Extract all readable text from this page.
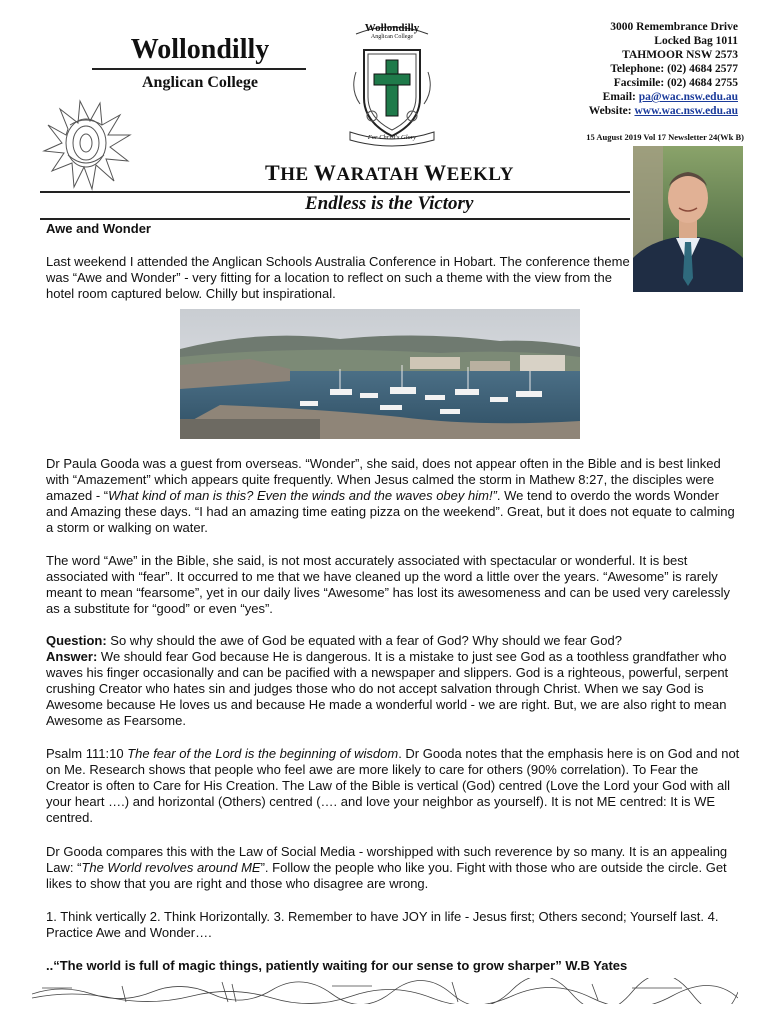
Wollondilly
Anglican College
Wollondilly
Anglican College
For Christ's Glory
3000 Remembrance Drive
Locked Bag 1011
TAHMOOR NSW 2573
Telephone: (02) 4684 2577
Facsimile: (02) 4684 2755
Email: pa@wac.nsw.edu.au
Website: www.wac.nsw.edu.au
15 August 2019 Vol 17 Newsletter 24(Wk B)
THE WARATAH WEEKLY
Endless is the Victory
Awe and Wonder
Last weekend I attended the Anglican Schools Australia Conference in Hobart. The conference theme was “Awe and Wonder” - very fitting for a location to reflect on such a theme with the view from the hotel room captured below. Chilly but inspirational.
Dr Paula Gooda was a guest from overseas. “Wonder”, she said, does not appear often in the Bible and is best linked with “Amazement” which appears quite frequently. When Jesus calmed the storm in Mathew 8:27, the disciples were amazed - “What kind of man is this? Even the winds and the waves obey him!”. We tend to overdo the words Wonder and Amazing these days. “I had an amazing time eating pizza on the weekend”. Great, but it does not equate to calming a storm or walking on water.
The word “Awe” in the Bible, she said, is not most accurately associated with spectacular or wonderful. It is best associated with “fear”. It occurred to me that we have cleaned up the word a little over the years. “Awesome” is rarely meant to mean “fearsome”, yet in our daily lives “Awesome” has lost its awesomeness and can be used very carelessly as a substitute for “good” or even “yes”.
Question: So why should the awe of God be equated with a fear of God? Why should we fear God?
Answer: We should fear God because He is dangerous. It is a mistake to just see God as a toothless grandfather who waves his finger occasionally and can be pacified with a newspaper and slippers. God is a righteous, powerful, serpent crushing Creator who hates sin and judges those who do not accept salvation through Christ. When we say God is Awesome because He loves us and because He made a wonderful world - we are right. But, we are also right to mean Awesome as Fearsome.
Psalm 111:10 The fear of the Lord is the beginning of wisdom. Dr Gooda notes that the emphasis here is on God and not on Me. Research shows that people who feel awe are more likely to care for others (90% correlation). To Fear the Creator is often to Care for His Creation. The Law of the Bible is vertical (God) centred (Love the Lord your God with all your heart ….) and horizontal (Others) centred (…. and love your neighbor as yourself). It is not ME centred: It is WE centred.
Dr Gooda compares this with the Law of Social Media - worshipped with such reverence by so many. It is an appealing Law: “The World revolves around ME”. Follow the people who like you. Fight with those who are outside the circle. Get likes to show that you are right and those who disagree are wrong.
1. Think vertically 2. Think Horizontally. 3. Remember to have JOY in life - Jesus first; Others second; Yourself last. 4. Practice Awe and Wonder….
..“The world is full of magic things, patiently waiting for our sense to grow sharper” W.B Yates
